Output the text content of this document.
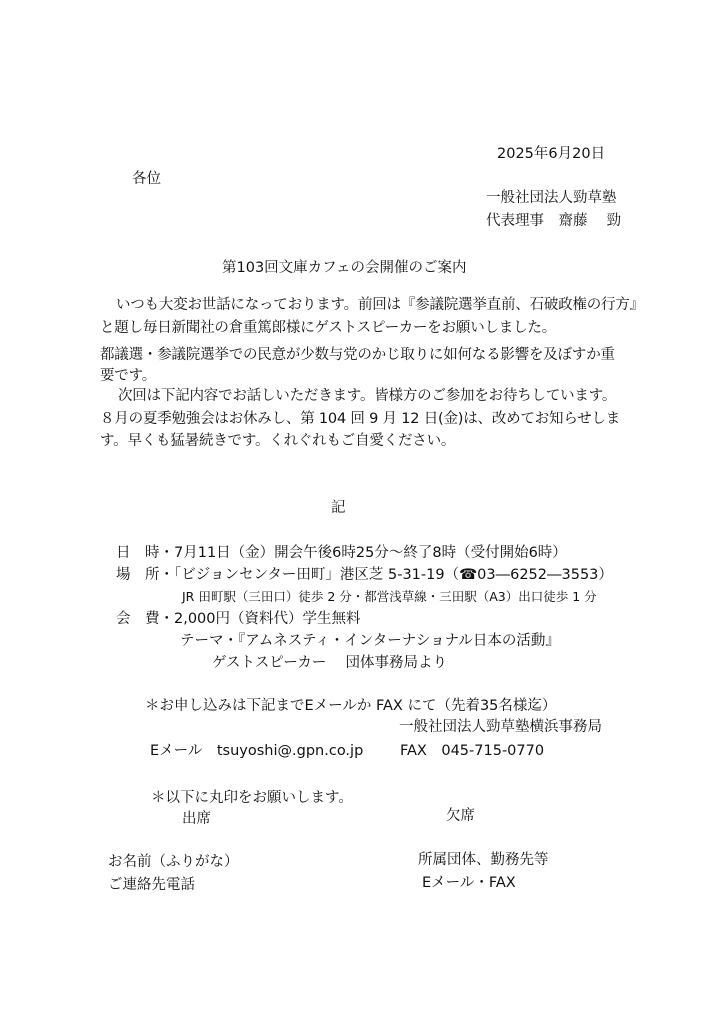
2025年6月20日
各位
一般社団法人勁草塾
代表理事　齋藤　 勁
第103回文庫カフェの会開催のご案内
いつも大変お世話になっております。前回は『参議院選挙直前、石破政権の行方』
と題し毎日新聞社の倉重篤郎様にゲストスピーカーをお願いしました。
都議選・参議院選挙での民意が少数与党のかじ取りに如何なる影響を及ぼすか重
要です。
次回は下記内容でお話しいただきます。皆様方のご参加をお待ちしています。
８月の夏季勉強会はお休みし、第 104 回 9 月 12 日(金)は、改めてお知らせしま
す。早くも猛暑続きです。くれぐれもご自愛ください。
記
日　時・7月11日（金）開会午後6時25分～終了8時（受付開始6時）
場　所・「ビジョンセンター田町」港区芝 5-31-19（☎03―6252―3553）
JR 田町駅（三田口）徒歩 2 分・都営浅草線・三田駅（A3）出口徒歩 1 分
会　費・2,000円（資料代）学生無料
テーマ・『アムネスティ・インターナショナル日本の活動』
ゲストスピーカー　 団体事務局より
＊お申し込みは下記までEメールか FAX にて（先着35名様迄）
一般社団法人勁草塾横浜事務局
Eメール　tsuyoshi@.gpn.co.jp	FAX　045-715-0770
＊以下に丸印をお願いします。
出席	欠席
お名前（ふりがな）	所属団体、勤務先等
ご連絡先電話	Eメール・FAX
